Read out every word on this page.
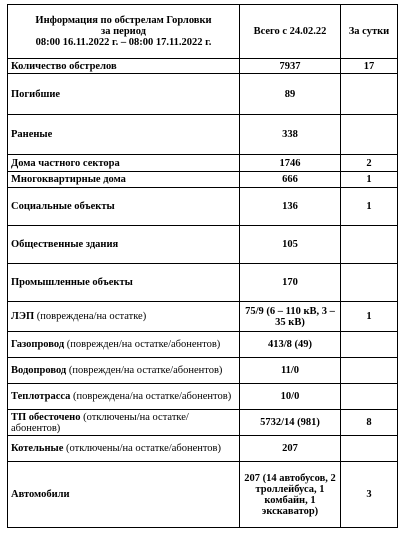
Информация по обстрелам Горловки
за период
08:00 16.11.2022 г. – 08:00 17.11.2022 г.	Всего с 24.02.22	За сутки
Количество обстрелов	7937	17
Погибшие	89	
Раненые	338	
Дома частного сектора	1746	2
Многоквартирные дома	666	1
Социальные объекты	136	1
Общественные здания	105	
Промышленные объекты	170	
ЛЭП (повреждена/на остатке)	75/9 (6 – 110 кВ, 3 – 35 кВ)	1
Газопровод (поврежден/на остатке/абонентов)	413/8 (49)	
Водопровод (поврежден/на остатке/абонентов)	11/0	
Теплотрасса (повреждена/на остатке/абонентов)	10/0	
ТП обесточено (отключены/на остатке/абонентов)	5732/14 (981)	8
Котельные (отключены/на остатке/абонентов)	207	
Автомобили	207 (14 автобусов, 2 троллейбуса, 1 комбайн, 1 экскаватор)	3
